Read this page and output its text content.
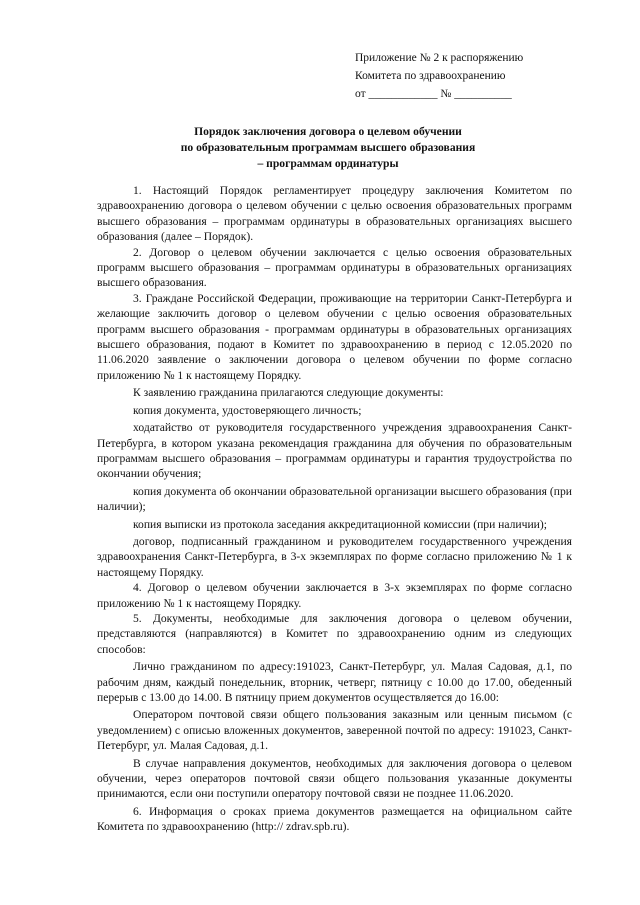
Приложение № 2 к распоряжению
Комитета по здравоохранению
от ____________ № __________
Порядок заключения договора о целевом обучении
по образовательным программам высшего образования
– программам ординатуры

1. Настоящий Порядок регламентирует процедуру заключения Комитетом по здравоохранению договора о целевом обучении с целью освоения образовательных программ высшего образования – программам ординатуры в образовательных организациях высшего образования (далее – Порядок).

2. Договор о целевом обучении заключается с целью освоения образовательных программ высшего образования – программам ординатуры в образовательных организациях высшего образования.

3. Граждане Российской Федерации, проживающие на территории Санкт-Петербурга и желающие заключить договор о целевом обучении с целью освоения образовательных программ высшего образования - программам ординатуры в образовательных организациях высшего образования, подают в Комитет по здравоохранению в период с 12.05.2020 по 11.06.2020 заявление о заключении договора о целевом обучении по форме согласно приложению № 1 к настоящему Порядку.

К заявлению гражданина прилагаются следующие документы:

копия документа, удостоверяющего личность;

ходатайство от руководителя государственного учреждения здравоохранения Санкт-Петербурга, в котором указана рекомендация гражданина для обучения по образовательным программам высшего образования – программам ординатуры и гарантия трудоустройства по окончании обучения;

копия документа об окончании образовательной организации высшего образования (при наличии);

копия выписки из протокола заседания аккредитационной комиссии (при наличии);

договор, подписанный гражданином и руководителем государственного учреждения здравоохранения Санкт-Петербурга, в 3-х экземплярах по форме согласно приложению № 1 к настоящему Порядку.

4. Договор о целевом обучении заключается в 3-х экземплярах по форме согласно приложению № 1 к настоящему Порядку.

5. Документы, необходимые для заключения договора о целевом обучении, представляются (направляются) в Комитет по здравоохранению одним из следующих способов:

Лично гражданином по адресу:191023, Санкт-Петербург, ул. Малая Садовая, д.1, по рабочим дням, каждый понедельник, вторник, четверг, пятницу с 10.00 до 17.00, обеденный перерыв с 13.00 до 14.00. В пятницу прием документов осуществляется до 16.00:

Оператором почтовой связи общего пользования заказным или ценным письмом (с уведомлением) с описью вложенных документов, заверенной почтой по адресу: 191023, Санкт-Петербург, ул. Малая Садовая, д.1.

В случае направления документов, необходимых для заключения договора о целевом обучении, через операторов почтовой связи общего пользования указанные документы принимаются, если они поступили оператору почтовой связи не позднее 11.06.2020.

6. Информация о сроках приема документов размещается на официальном сайте Комитета по здравоохранению (http:// zdrav.spb.ru).
